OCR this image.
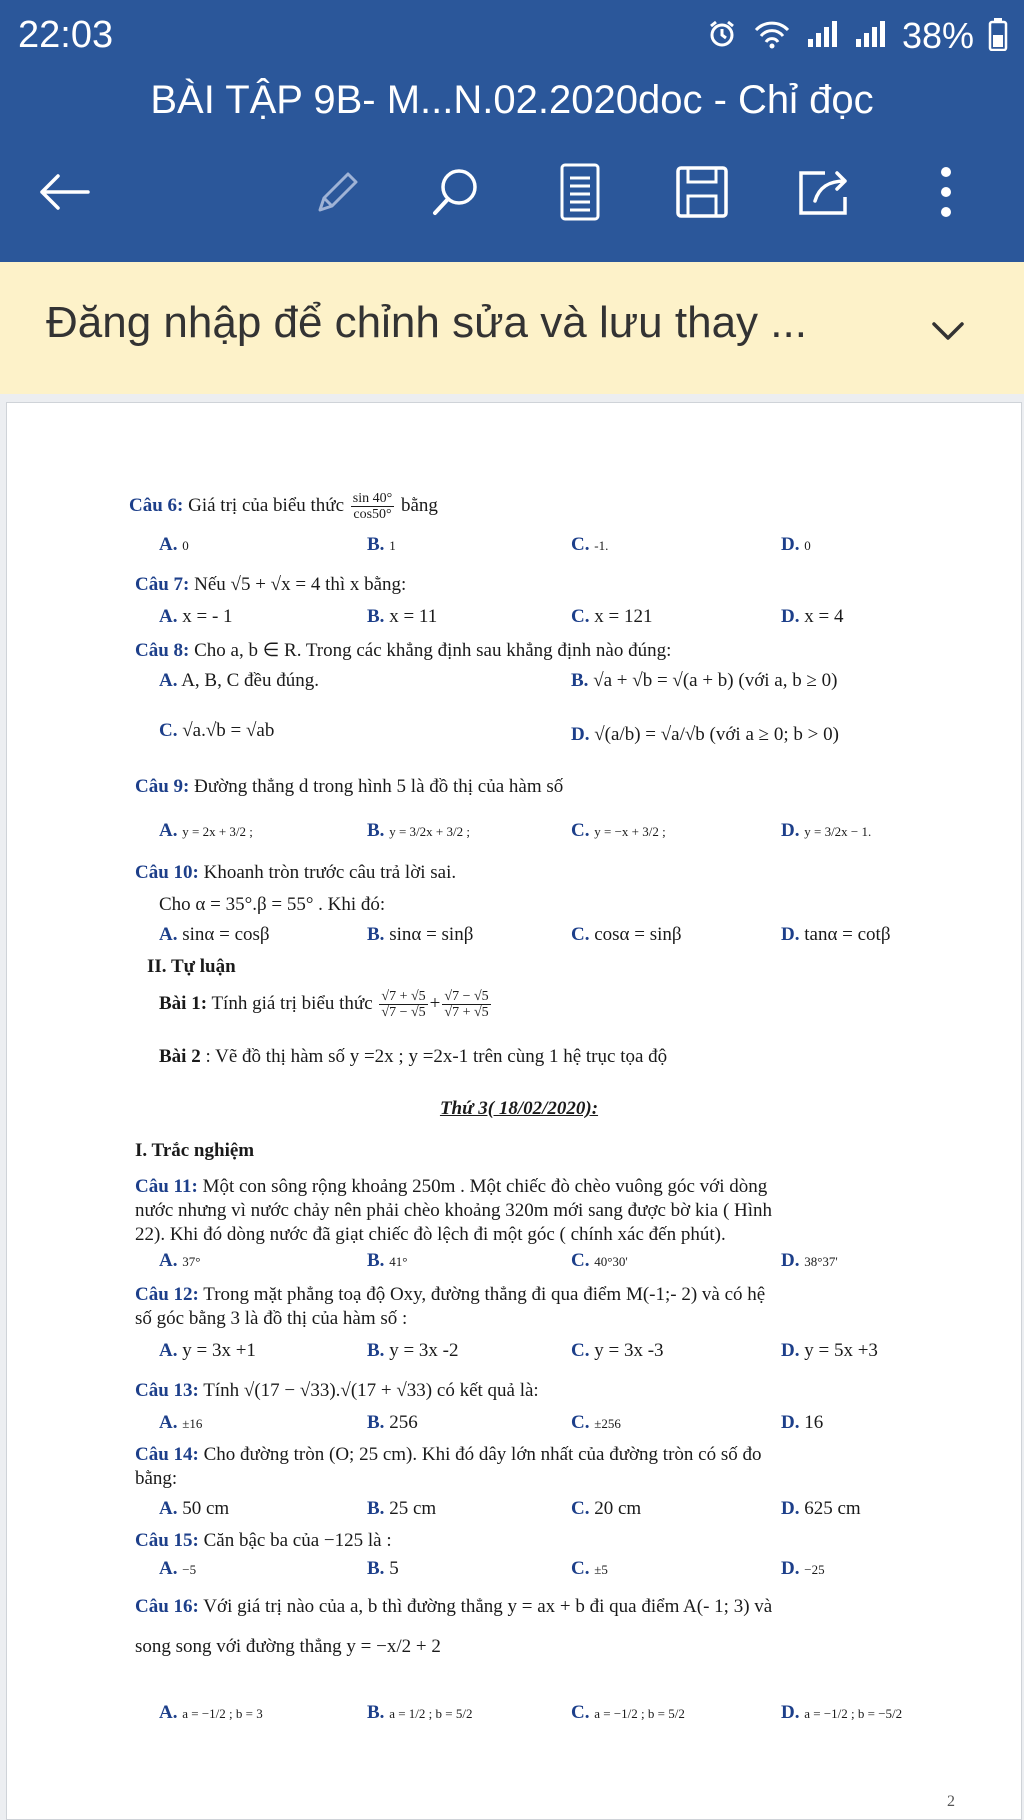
22:03	38%
BÀI TẬP 9B- M...N.02.2020doc - Chỉ đọc
Đăng nhập để chỉnh sửa và lưu thay ...
Câu 6: Giá trị của biểu thức $\frac{\sin 40^\circ}{\cos 50^\circ}$ bằng
A. 0	B. 1	C. -1.	D. 0
Câu 7: Nếu √5 + √x = 4 thì x bằng:
A. x = - 1	B. x = 11	C. x = 121	D. x = 4
Câu 8: Cho a, b ∈ R. Trong các khẳng định sau khẳng định nào đúng:
A. A, B, C đều đúng.	B. √a + √b = √(a + b) (với a, b ≥ 0)
C. √a.√b = √ab	D. √(a/b) = √a/√b (với a ≥ 0; b > 0)
Câu 9: Đường thẳng d trong hình 5 là đồ thị của hàm số
A. y = 2x + 3/2 ;	B. y = 3/2x + 3/2 ;	C. y = −x + 3/2 ;	D. y = 3/2x − 1.
Câu 10: Khoanh tròn trước câu trả lời sai.
Cho α = 35°.β = 55° . Khi đó:
A. sinα = cosβ	B. sinα = sinβ	C. cosα = sinβ	D. tanα = cotβ
II. Tự luận
Bài 1: Tính giá trị biểu thức $\frac{√7 + √5}{√7 - √5} + \frac{√7 - √5}{√7 + √5}$
Bài 2 : Vẽ đồ thị hàm số y =2x ; y =2x-1 trên cùng 1 hệ trục tọa độ
Thứ 3( 18/02/2020):
I. Trắc nghiệm
Câu 11: Một con sông rộng khoảng 250m . Một chiếc đò chèo vuông góc với dòng
nước nhưng vì nước chảy nên phải chèo khoảng 320m mới sang được bờ kia ( Hình
22). Khi đó dòng nước đã giạt chiếc đò lệch đi một góc ( chính xác đến phút).
A. 37°	B. 41°	C. 40°30'	D. 38°37'
Câu 12: Trong mặt phẳng toạ độ Oxy, đường thẳng đi qua điểm M(-1;- 2) và có hệ
số góc bằng 3 là đồ thị của hàm số :
A. y = 3x +1	B. y = 3x -2	C. y = 3x -3	D. y = 5x +3
Câu 13: Tính √(17 − √33).√(17 + √33) có kết quả là:
A. ±16	B. 256	C. ±256	D. 16
Câu 14: Cho đường tròn (O; 25 cm). Khi đó dây lớn nhất của đường tròn có số đo
bằng:
A. 50 cm	B. 25 cm	C. 20 cm	D. 625 cm
Câu 15: Căn bậc ba của −125 là :
A. −5	B. 5	C. ±5	D. −25
Câu 16: Với giá trị nào của a, b thì đường thẳng y = ax + b đi qua điểm A(- 1; 3) và
song song với đường thẳng y = −x/2 + 2
A. a = −1/2 ; b = 3	B. a = 1/2 ; b = 5/2	C. a = −1/2 ; b = 5/2	D. a = −1/2 ; b = −5/2
2
